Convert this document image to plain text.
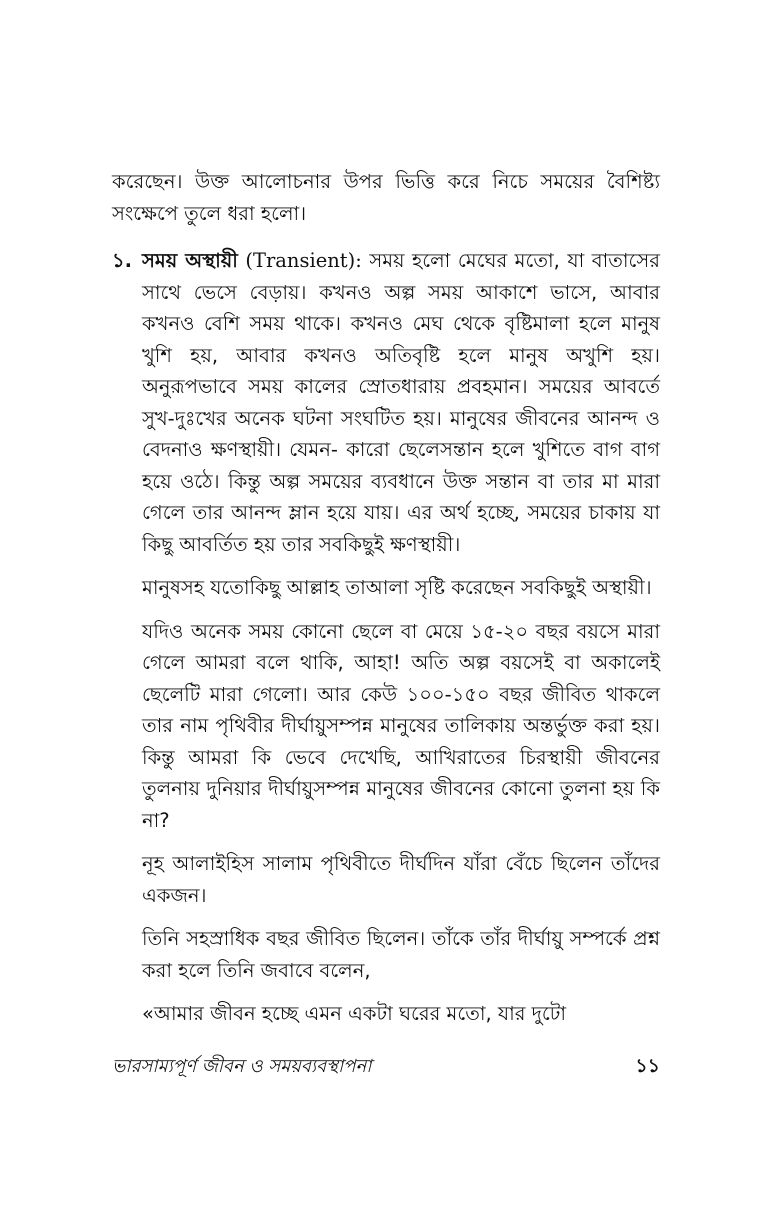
করেছেন। উক্ত আলোচনার উপর ভিত্তি করে নিচে সময়ের বৈশিষ্ট্য সংক্ষেপে তুলে ধরা হলো।

১. সময় অস্থায়ী (Transient): সময় হলো মেঘের মতো, যা বাতাসের সাথে ভেসে বেড়ায়। কখনও অল্প সময় আকাশে ভাসে, আবার কখনও বেশি সময় থাকে। কখনও মেঘ থেকে বৃষ্টিমালা হলে মানুষ খুশি হয়, আবার কখনও অতিবৃষ্টি হলে মানুষ অখুশি হয়। অনুরূপভাবে সময় কালের স্রোতধারায় প্রবহমান। সময়ের আবর্তে সুখ-দুঃখের অনেক ঘটনা সংঘটিত হয়। মানুষের জীবনের আনন্দ ও বেদনাও ক্ষণস্থায়ী। যেমন- কারো ছেলেসন্তান হলে খুশিতে বাগ বাগ হয়ে ওঠে। কিন্তু অল্প সময়ের ব্যবধানে উক্ত সন্তান বা তার মা মারা গেলে তার আনন্দ ম্লান হয়ে যায়। এর অর্থ হচ্ছে, সময়ের চাকায় যা কিছু আবর্তিত হয় তার সবকিছুই ক্ষণস্থায়ী।

মানুষসহ যতোকিছু আল্লাহ তাআলা সৃষ্টি করেছেন সবকিছুই অস্থায়ী।

যদিও অনেক সময় কোনো ছেলে বা মেয়ে ১৫-২০ বছর বয়সে মারা গেলে আমরা বলে থাকি, আহা! অতি অল্প বয়সেই বা অকালেই ছেলেটি মারা গেলো। আর কেউ ১০০-১৫০ বছর জীবিত থাকলে তার নাম পৃথিবীর দীর্ঘায়ুসম্পন্ন মানুষের তালিকায় অন্তর্ভুক্ত করা হয়। কিন্তু আমরা কি ভেবে দেখেছি, আখিরাতের চিরস্থায়ী জীবনের তুলনায় দুনিয়ার দীর্ঘায়ুসম্পন্ন মানুষের জীবনের কোনো তুলনা হয় কি না?

নূহ আলাইহিস সালাম পৃথিবীতে দীর্ঘদিন যাঁরা বেঁচে ছিলেন তাঁদের একজন।

তিনি সহস্রাধিক বছর জীবিত ছিলেন। তাঁকে তাঁর দীর্ঘায়ু সম্পর্কে প্রশ্ন করা হলে তিনি জবাবে বলেন,

«আমার জীবন হচ্ছে এমন একটা ঘরের মতো, যার দুটো

ভারসাম্যপূর্ণ জীবন ও সময়ব্যবস্থাপনা	১১
